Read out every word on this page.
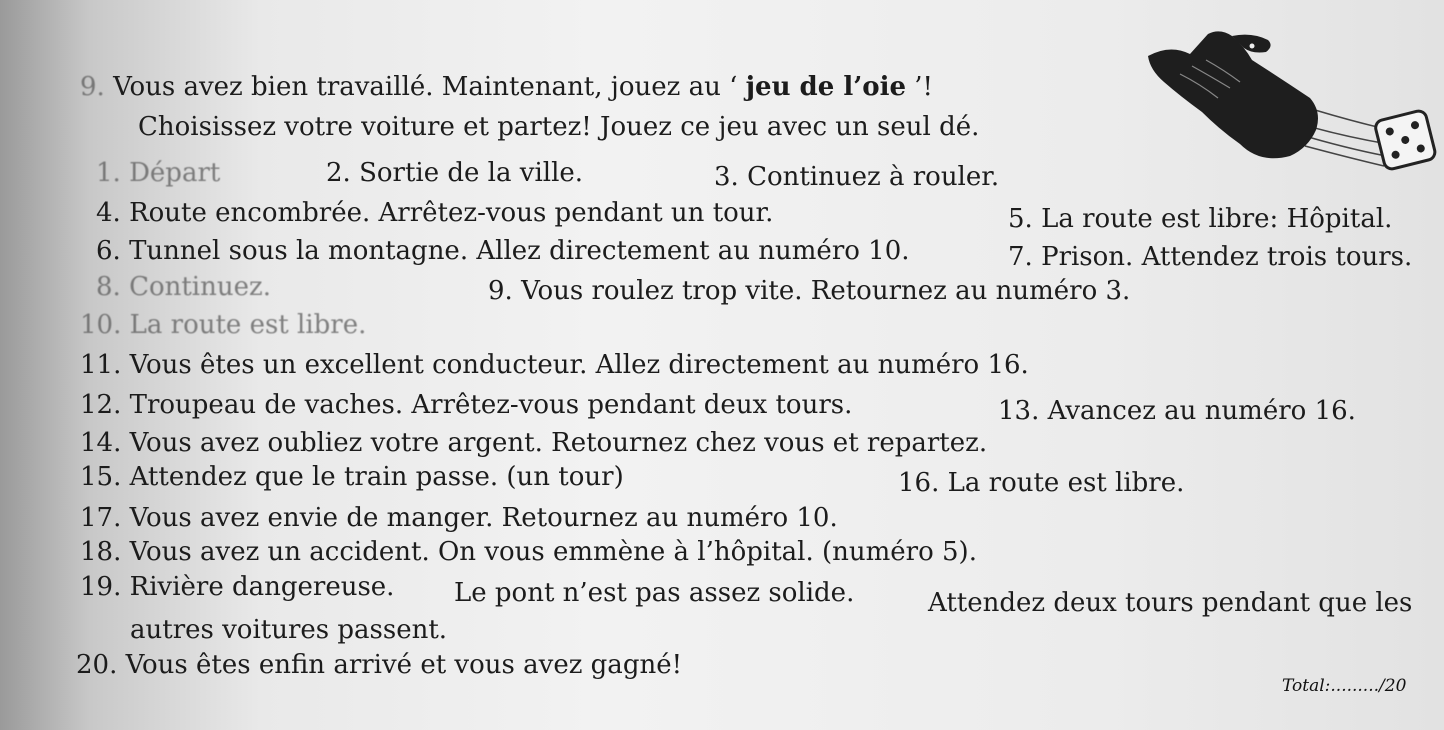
9. Vous avez bien travaillé. Maintenant, jouez au ‘ jeu de l’oie ’!
Choisissez votre voiture et partez! Jouez ce jeu avec un seul dé.
1. Départ	2. Sortie de la ville.	3. Continuez à rouler.
4. Route encombrée. Arrêtez-vous pendant un tour.	5. La route est libre: Hôpital.
6. Tunnel sous la montagne. Allez directement au numéro 10.	7. Prison. Attendez trois tours.
8. Continuez.	9. Vous roulez trop vite. Retournez au numéro 3.
10. La route est libre.
11. Vous êtes un excellent conducteur. Allez directement au numéro 16.
12. Troupeau de vaches. Arrêtez-vous pendant deux tours.	13. Avancez au numéro 16.
14. Vous avez oubliez votre argent. Retournez chez vous et repartez.
15. Attendez que le train passe. (un tour)	16. La route est libre.
17. Vous avez envie de manger. Retournez au numéro 10.
18. Vous avez un accident. On vous emmène à l’hôpital. (numéro 5).
19. Rivière dangereuse. Le pont n’est pas assez solide.	Attendez deux tours pendant que les
autres voitures passent.
20. Vous êtes enfin arrivé et vous avez gagné!
Total:........./20
